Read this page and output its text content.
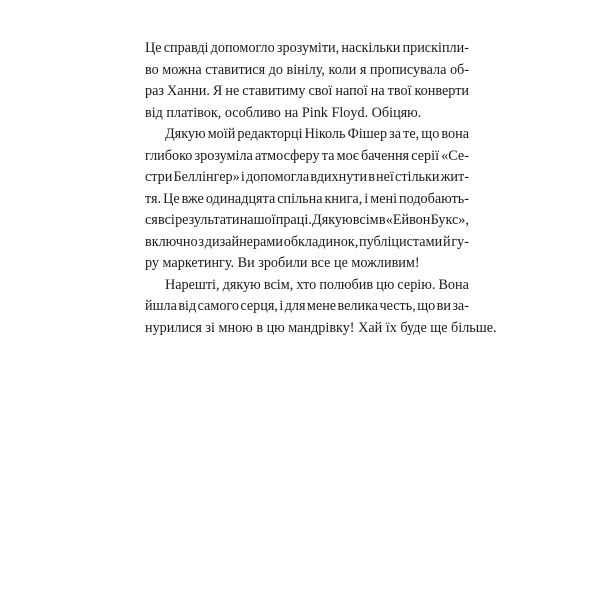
Це справді допомогло зрозуміти, наскільки прискіпли-
во можна ставитися до вінілу, коли я прописувала об-
раз Ханни. Я не ставитиму свої напої на твої конверти
від платівок, особливо на Pink Floyd. Обіцяю.
Дякую моїй редакторці Ніколь Фішер за те, що вона
глибоко зрозуміла атмосферу та моє бачення серії «Се-
стри Беллінгер» і допомогла вдихнути в неї стільки жит-
тя. Це вже одинадцята спільна книга, і мені подобають-
ся всі результати нашої праці. Дякую всім в «Ейвон Букс»,
включно з дизайнерами обкладинок, публіцистами й гу-
ру маркетингу. Ви зробили все це можливим!
Нарешті, дякую всім, хто полюбив цю серію. Вона
йшла від самого серця, і для мене велика честь, що ви за-
нурилися зі мною в цю мандрівку! Хай їх буде ще більше.
